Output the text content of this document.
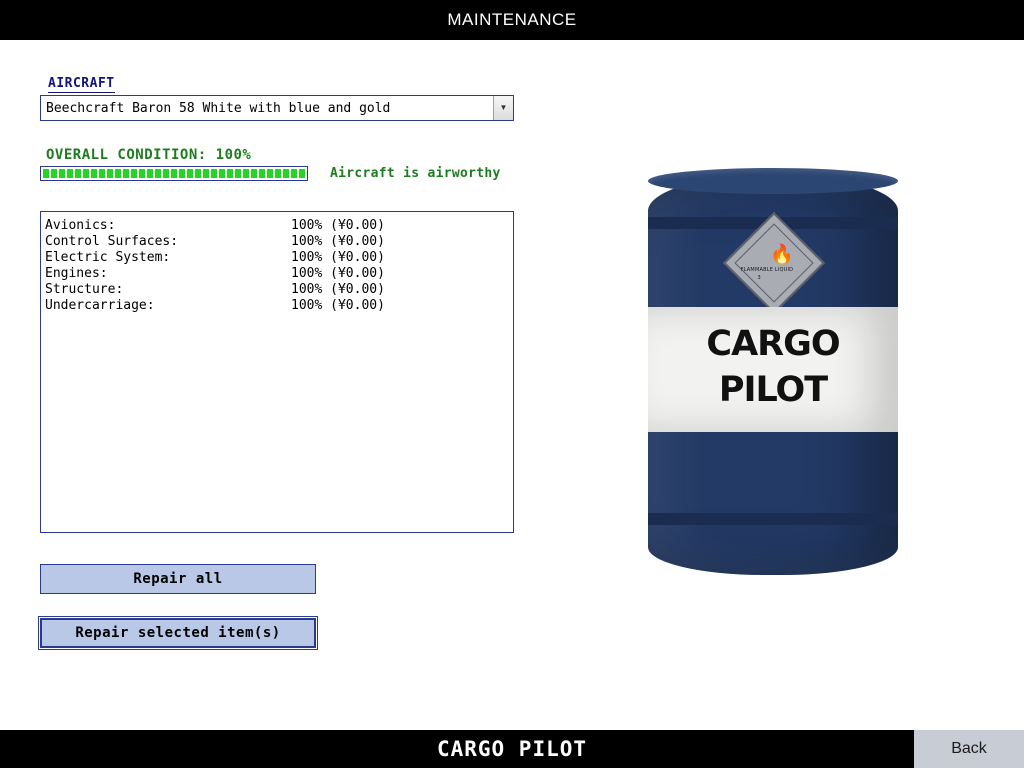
MAINTENANCE
AIRCRAFT
Beechcraft Baron 58 White with blue and gold	▼
OVERALL CONDITION: 100%
Aircraft is airworthy
Avionics:	100% (¥0.00)
Control Surfaces:	100% (¥0.00)
Electric System:	100% (¥0.00)
Engines:	100% (¥0.00)
Structure:	100% (¥0.00)
Undercarriage:	100% (¥0.00)
Repair all
Repair selected item(s)
🔥
FLAMMABLE LIQUID
3
CARGO
PILOT
CARGO PILOT	Back
